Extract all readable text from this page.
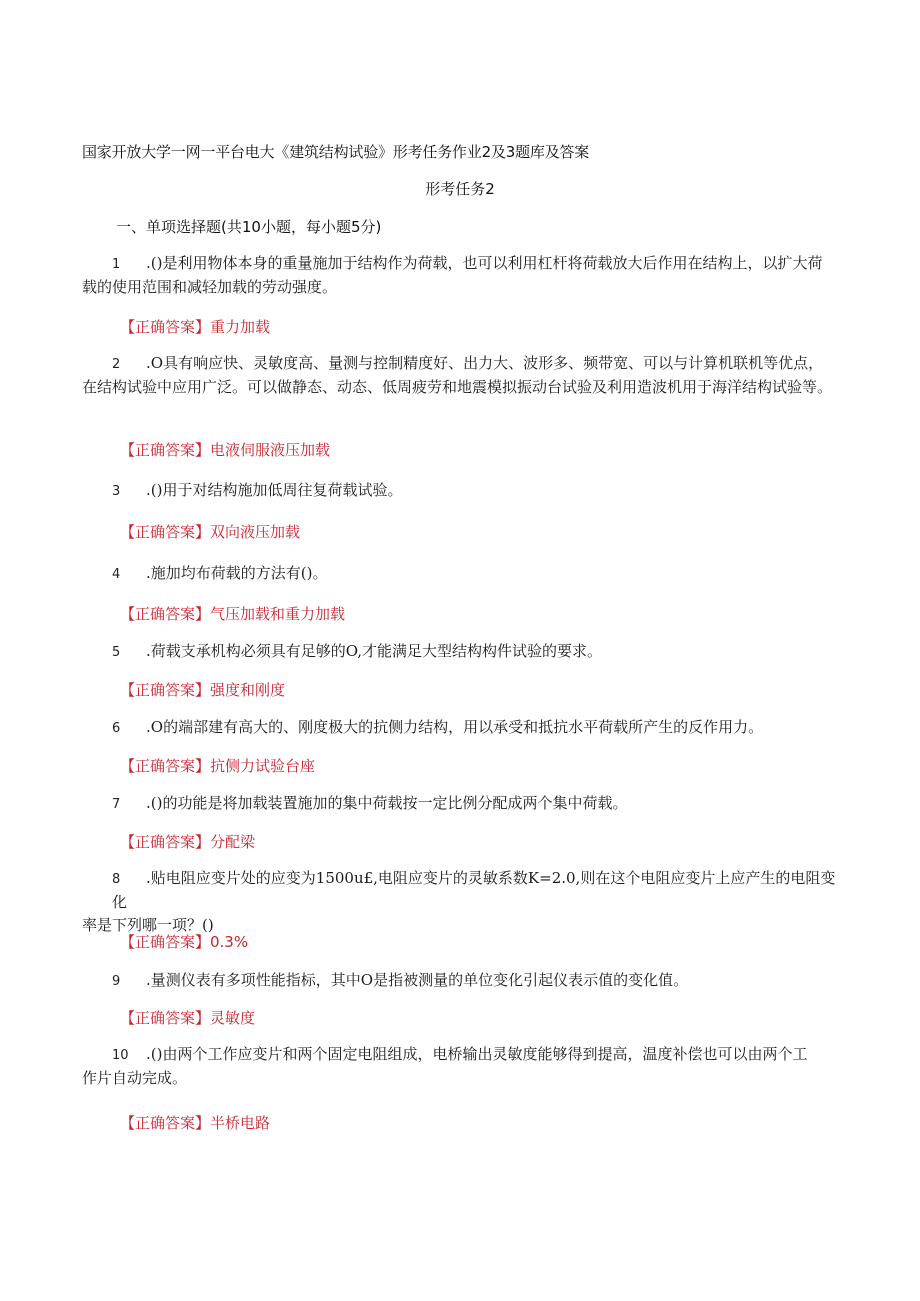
国家开放大学一网一平台电大《建筑结构试验》形考任务作业2及3题库及答案
形考任务2
一、单项选择题(共10小题，每小题5分)
1 .()是利用物体本身的重量施加于结构作为荷载，也可以利用杠杆将荷载放大后作用在结构上，以扩大荷
载的使用范围和减轻加载的劳动强度。
【正确答案】重力加载
2 .O具有响应快、灵敏度高、量测与控制精度好、出力大、波形多、频带宽、可以与计算机联机等优点，
在结构试验中应用广泛。可以做静态、动态、低周疲劳和地震模拟振动台试验及利用造波机用于海洋结构试验等。
【正确答案】电液伺服液压加载
3 .()用于对结构施加低周往复荷载试验。
【正确答案】双向液压加载
4 .施加均布荷载的方法有()。
【正确答案】气压加载和重力加载
5 .荷载支承机构必须具有足够的O,才能满足大型结构构件试验的要求。
【正确答案】强度和刚度
6 .O的端部建有高大的、刚度极大的抗侧力结构，用以承受和抵抗水平荷载所产生的反作用力。
【正确答案】抗侧力试验台座
7 .()的功能是将加载装置施加的集中荷载按一定比例分配成两个集中荷载。
【正确答案】分配梁
8 .贴电阻应变片处的应变为1500u£,电阻应变片的灵敏系数K=2.0,则在这个电阻应变片上应产生的电阻变化
率是下列哪一项？()
【正确答案】0.3%
9 .量测仪表有多项性能指标，其中O是指被测量的单位变化引起仪表示值的变化值。
【正确答案】灵敏度
10 .()由两个工作应变片和两个固定电阻组成，电桥输出灵敏度能够得到提高，温度补偿也可以由两个工
作片自动完成。
【正确答案】半桥电路
